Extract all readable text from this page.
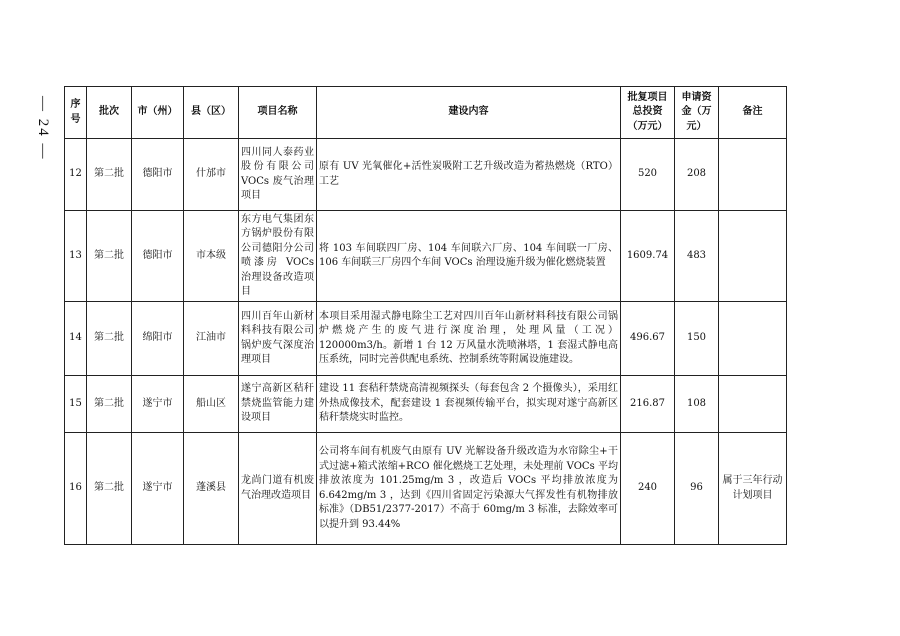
— 24 — 序号	批次	市（州）	县（区）	项目名称	建设内容	批复项目总投资（万元）	申请资金（万元）	备注
12	第二批	德阳市	什邡市	四川同人泰药业股份有限公司VOCs 废气治理项目	原有 UV 光氧催化+活性炭吸附工艺升级改造为蓄热燃烧（RTO）工艺	520	208	
13	第二批	德阳市	市本级	东方电气集团东方锅炉股份有限公司德阳分公司喷漆房 VOCs 治理设备改造项目	将 103 车间联四厂房、104 车间联六厂房、104 车间联一厂房、106 车间联三厂房四个车间 VOCs 治理设施升级为催化燃烧装置	1609.74	483	
14	第二批	绵阳市	江油市	四川百年山新材料科技有限公司锅炉废气深度治理项目	本项目采用湿式静电除尘工艺对四川百年山新材料科技有限公司锅炉燃烧产生的废气进行深度治理，处理风量（工况）120000m3/h。新增 1 台 12 万风量水洗喷淋塔，1 套湿式静电高压系统，同时完善供配电系统、控制系统等附属设施建设。	496.67	150	
15	第二批	遂宁市	船山区	遂宁高新区秸秆禁烧监管能力建设项目	建设 11 套秸秆禁烧高清视频探头（每套包含 2 个摄像头），采用红外热成像技术，配套建设 1 套视频传输平台，拟实现对遂宁高新区秸秆禁烧实时监控。	216.87	108	
16	第二批	遂宁市	蓬溪县	龙尚门道有机废气治理改造项目	公司将车间有机废气由原有 UV 光解设备升级改造为水帘除尘+干式过滤+箱式浓缩+RCO 催化燃烧工艺处理，未处理前 VOCs 平均排放浓度为 101.25mg/m 3 ，改造后 VOCs 平均排放浓度为 6.642mg/m 3 ，达到《四川省固定污染源大气挥发性有机物排放标准》（DB51/2377-2017）不高于 60mg/m 3 标准，去除效率可以提升到 93.44%	240	96	属于三年行动计划项目
